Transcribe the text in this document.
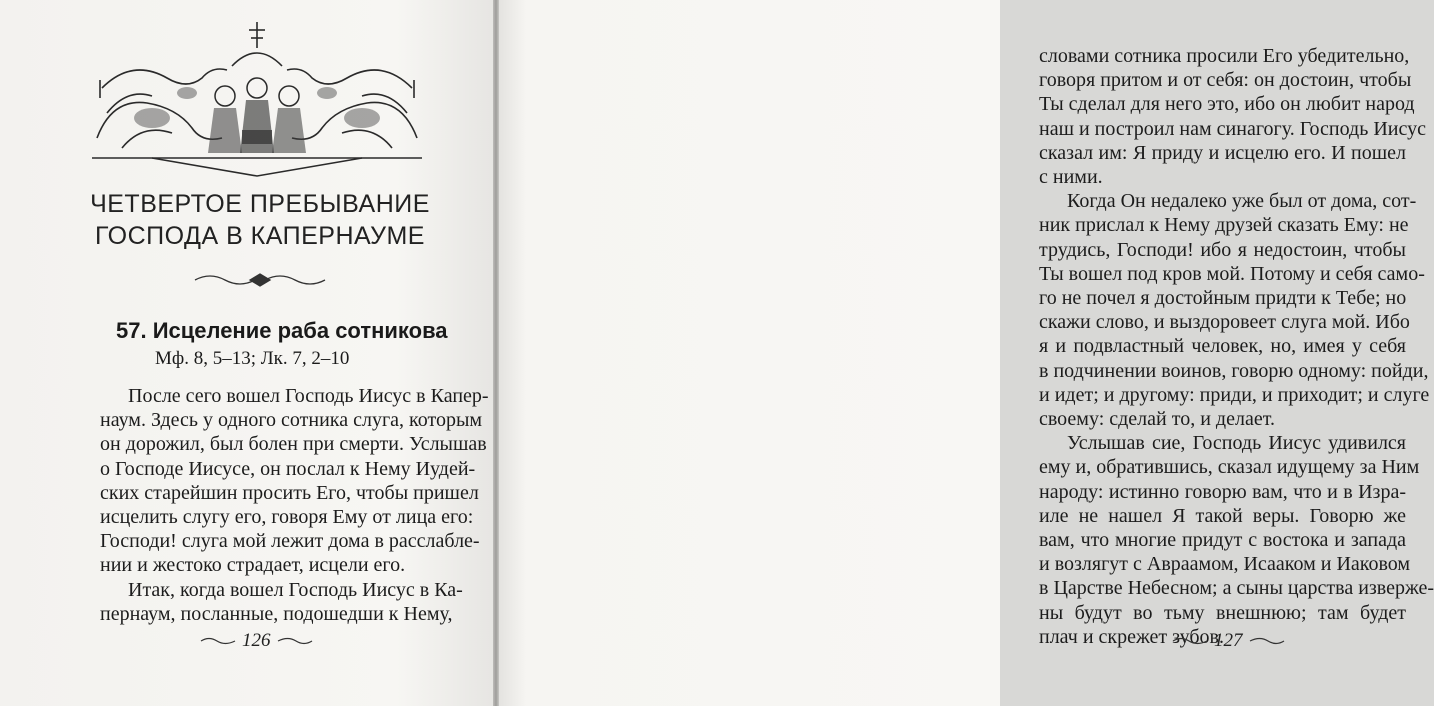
ЧЕТВЕРТОЕ ПРЕБЫВАНИЕ
ГОСПОДА В КАПЕРНАУМЕ
57. Исцеление раба сотникова
Мф. 8, 5–13; Лк. 7, 2–10
После сего вошел Господь Иисус в Капер-
наум. Здесь у одного сотника слуга, которым
он дорожил, был болен при смерти. Услышав
о Господе Иисусе, он послал к Нему Иудей-
ских старейшин просить Его, чтобы пришел
исцелить слугу его, говоря Ему от лица его:
Господи! слуга мой лежит дома в расслабле-
нии и жестоко страдает, исцели его.
Итак, когда вошел Господь Иисус в Ка-
пернаум, посланные, подошедши к Нему,
126
словами сотника просили Его убедительно,
говоря притом и от себя: он достоин, чтобы
Ты сделал для него это, ибо он любит народ
наш и построил нам синагогу. Господь Иисус
сказал им: Я приду и исцелю его. И пошел
с ними.
Когда Он недалеко уже был от дома, сот-
ник прислал к Нему друзей сказать Ему: не
трудись, Господи! ибо я недостоин, чтобы
Ты вошел под кров мой. Потому и себя само-
го не почел я достойным придти к Тебе; но
скажи слово, и выздоровеет слуга мой. Ибо
я и подвластный человек, но, имея у себя
в подчинении воинов, говорю одному: пойди,
и идет; и другому: приди, и приходит; и слуге
своему: сделай то, и делает.
Услышав сие, Господь Иисус удивился
ему и, обратившись, сказал идущему за Ним
народу: истинно говорю вам, что и в Изра-
иле не нашел Я такой веры. Говорю же
вам, что многие придут с востока и запада
и возлягут с Авраамом, Исааком и Иаковом
в Царстве Небесном; а сыны царства изверже-
ны будут во тьму внешнюю; там будет
плач и скрежет зубов.
127
